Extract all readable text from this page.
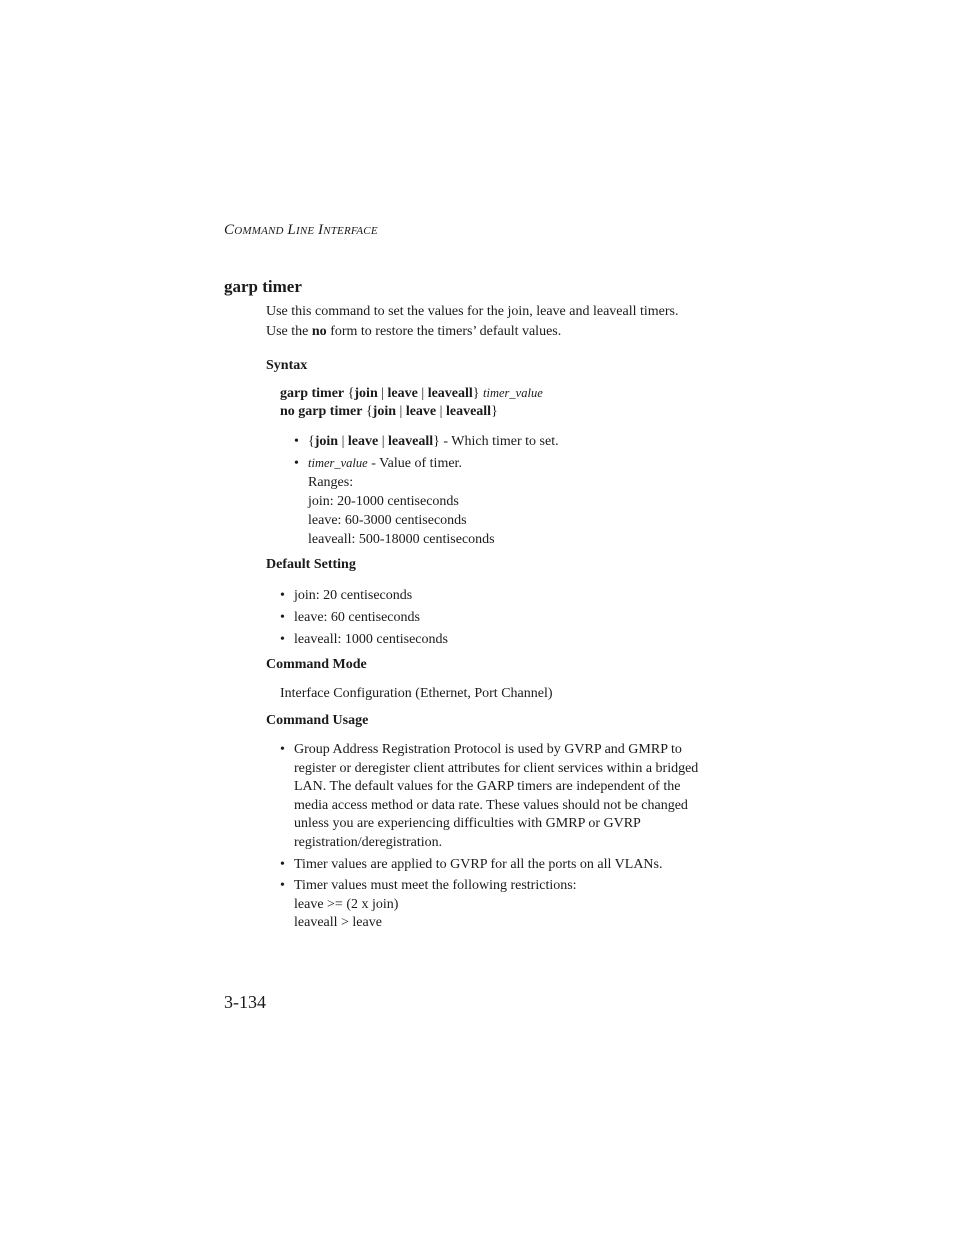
COMMAND LINE INTERFACE
garp timer
Use this command to set the values for the join, leave and leaveall timers.
Use the no form to restore the timers’ default values.
Syntax
garp timer {join | leave | leaveall} timer_value
no garp timer {join | leave | leaveall}
• {join | leave | leaveall} - Which timer to set.
• timer_value - Value of timer.
Ranges:
join: 20-1000 centiseconds
leave: 60-3000 centiseconds
leaveall: 500-18000 centiseconds
Default Setting
• join: 20 centiseconds
• leave: 60 centiseconds
• leaveall: 1000 centiseconds
Command Mode
Interface Configuration (Ethernet, Port Channel)
Command Usage
• Group Address Registration Protocol is used by GVRP and GMRP to
register or deregister client attributes for client services within a bridged
LAN. The default values for the GARP timers are independent of the
media access method or data rate. These values should not be changed
unless you are experiencing difficulties with GMRP or GVRP
registration/deregistration.
• Timer values are applied to GVRP for all the ports on all VLANs.
• Timer values must meet the following restrictions:
leave >= (2 x join)
leaveall > leave
3-134
